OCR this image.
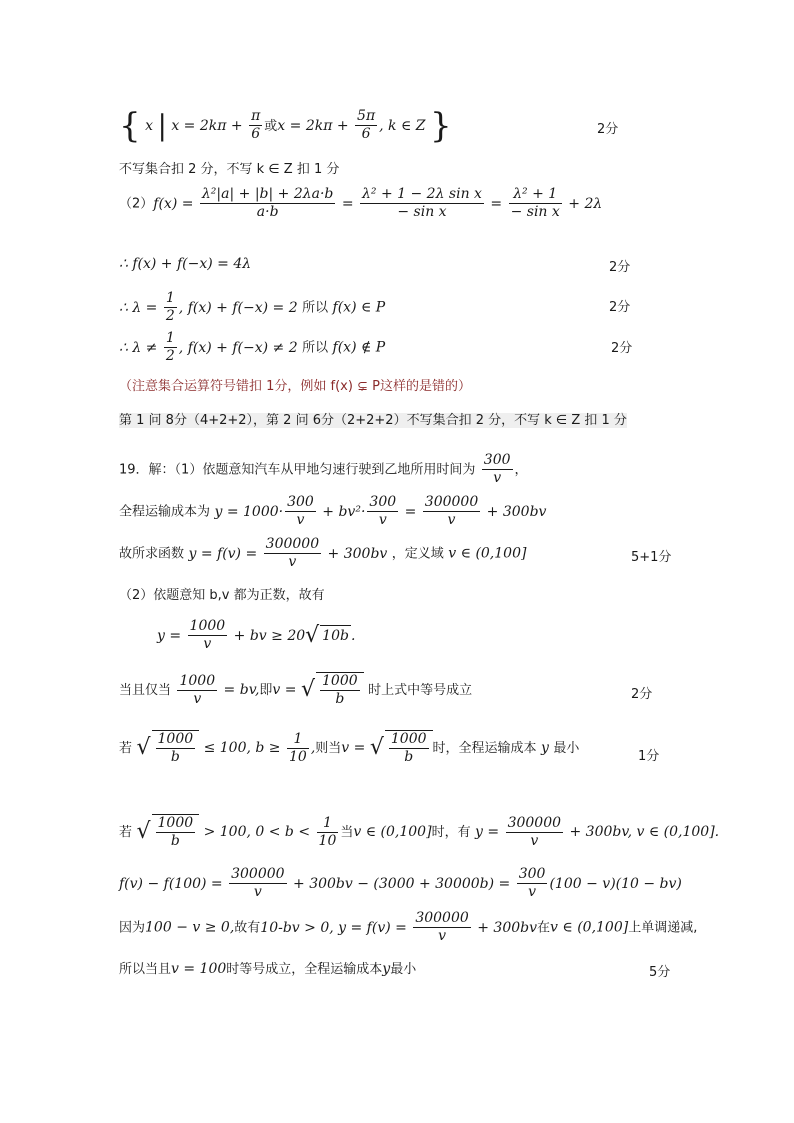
{ x | $x = 2k\pi + \frac{\pi}{6}$ 或$x = 2k\pi + \frac{5\pi}{6}$ , k ∈ Z }	2分
不写集合扣 2 分，不写 k ∈ Z 扣 1 分
$(2)f(x) = \frac{\text{λ²|a| + |b| + 2λa·b}}{a\cdot b} = \frac{\text{λ² + 1 − 2λ sin x}}{\text{− sin x}} = \frac{\text{λ² + 1}}{\text{− sin x}} + 2\lambda$
∴ f(x) + f(−x) = 4λ	2分
∴ $\lambda = \frac{1}{2}$ , f(x) + f(−x) = 2 所以 f(x) ∈ P	2分
∴ $\lambda \ne \frac{1}{2}$ , f(x) + f(−x) ≠ 2 所以 f(x) ∉ P	2分
（注意集合运算符号错扣 1分，例如 f(x) ⊊ P这样的是错的）
第 1 问 8分（4+2+2），第 2 问 6分（2+2+2）不写集合扣 2 分，不写 k ∈ Z 扣 1 分
19．解：（1）依题意知汽车从甲地匀速行驶到乙地所用时间为 $\frac{300}{v}$ ，
全程运输成本为 $y = 1000\cdot \frac{300}{v} + bv^2\cdot \frac{300}{v} = \frac{300000}{v} + 300bv$
故所求函数 $y = f(v) = \frac{300000}{v} + 300bv$ ，定义域 v ∈ (0,100]	5+1分
（2）依题意知 b,v 都为正数，故有
$y = \frac{1000}{v}$ + bv ≥ 20√ 10b .
当且仅当 $\frac{1000}{v}$ = bv,即v = √ $\frac{1000}{b}$ 时上式中等号成立	2分
若 √ $\frac{1000}{b} \le 100$, $b \ge \frac{1}{10}$ ,则当v = √ $\frac{1000}{b}$ 时，全程运输成本 y 最小
1分
若 √ $\frac{1000}{b} > 100$, $0 < b < \frac{1}{10}$ 当v ∈ (0,100]时，有 $y = \frac{300000}{v} + 300bv$, v ∈ (0,100].
$f(v) - f(100) = \frac{300000}{v} + 300bv - (3000 + 30000b) = \frac{300}{v} (100 - v)(10 - bv)$
因为100 − v ≥ 0,故有10-bv > 0, $y = f(v) = \frac{300000}{v} + 300bv$在v ∈ (0,100]上单调递减,
所以当且v = 100时等号成立，全程运输成本y最小	5分
